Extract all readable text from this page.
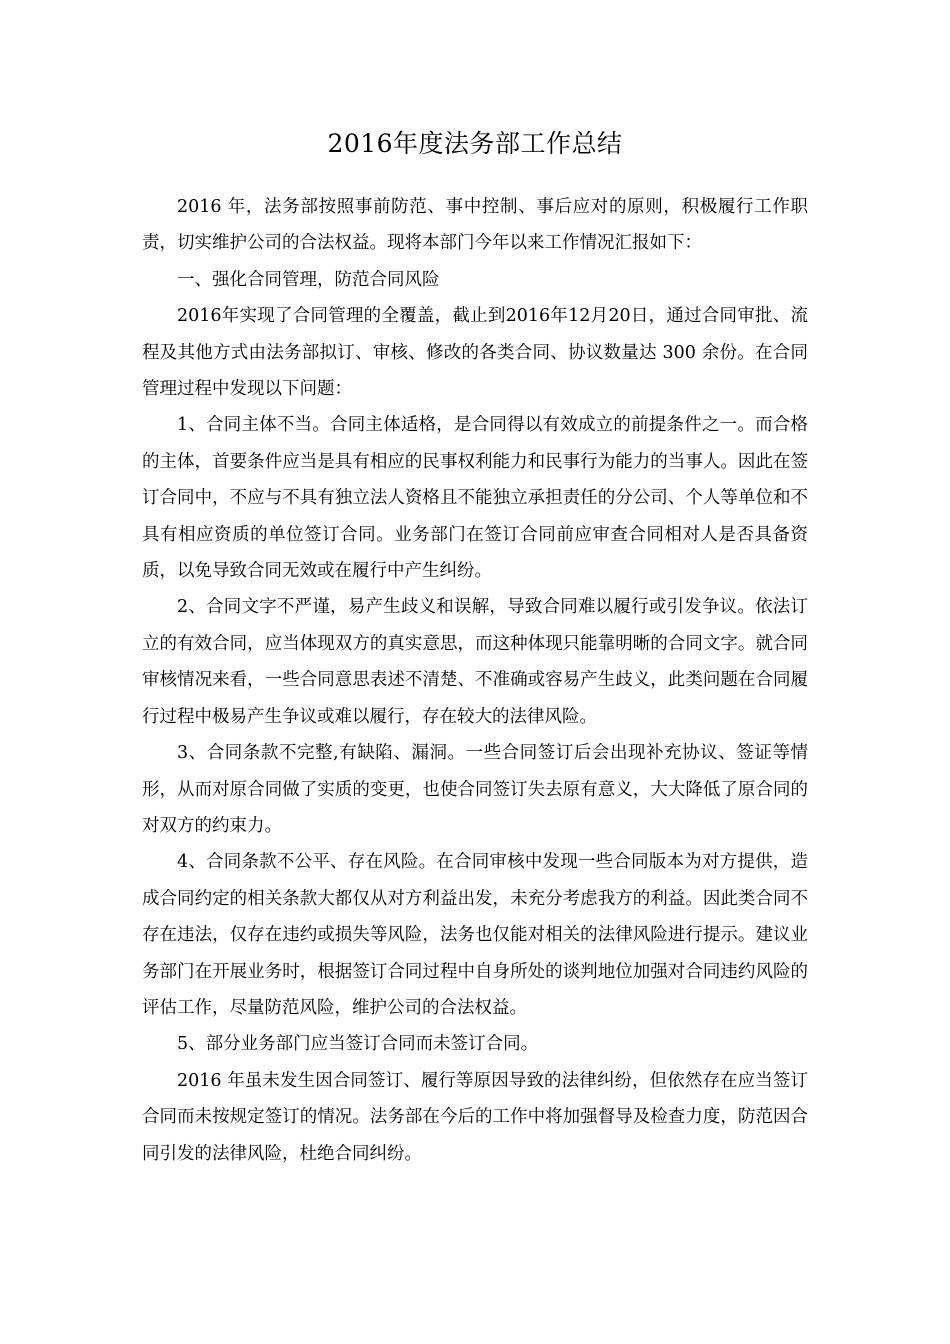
2016年度法务部工作总结

2016 年，法务部按照事前防范、事中控制、事后应对的原则，积极履行工作职责，切实维护公司的合法权益。现将本部门今年以来工作情况汇报如下：

一、强化合同管理，防范合同风险

2016年实现了合同管理的全覆盖，截止到2016年12月20日，通过合同审批、流程及其他方式由法务部拟订、审核、修改的各类合同、协议数量达 300 余份。在合同管理过程中发现以下问题：

1、合同主体不当。合同主体适格，是合同得以有效成立的前提条件之一。而合格的主体，首要条件应当是具有相应的民事权利能力和民事行为能力的当事人。因此在签订合同中，不应与不具有独立法人资格且不能独立承担责任的分公司、个人等单位和不具有相应资质的单位签订合同。业务部门在签订合同前应审查合同相对人是否具备资质，以免导致合同无效或在履行中产生纠纷。

2、合同文字不严谨，易产生歧义和误解，导致合同难以履行或引发争议。依法订立的有效合同，应当体现双方的真实意思，而这种体现只能靠明晰的合同文字。就合同审核情况来看，一些合同意思表述不清楚、不准确或容易产生歧义，此类问题在合同履行过程中极易产生争议或难以履行，存在较大的法律风险。

3、合同条款不完整,有缺陷、漏洞。一些合同签订后会出现补充协议、签证等情形，从而对原合同做了实质的变更，也使合同签订失去原有意义，大大降低了原合同的对双方的约束力。

4、合同条款不公平、存在风险。在合同审核中发现一些合同版本为对方提供，造成合同约定的相关条款大都仅从对方利益出发，未充分考虑我方的利益。因此类合同不存在违法，仅存在违约或损失等风险，法务也仅能对相关的法律风险进行提示。建议业务部门在开展业务时，根据签订合同过程中自身所处的谈判地位加强对合同违约风险的评估工作，尽量防范风险，维护公司的合法权益。

5、部分业务部门应当签订合同而未签订合同。

2016 年虽未发生因合同签订、履行等原因导致的法律纠纷，但依然存在应当签订合同而未按规定签订的情况。法务部在今后的工作中将加强督导及检查力度，防范因合同引发的法律风险，杜绝合同纠纷。
